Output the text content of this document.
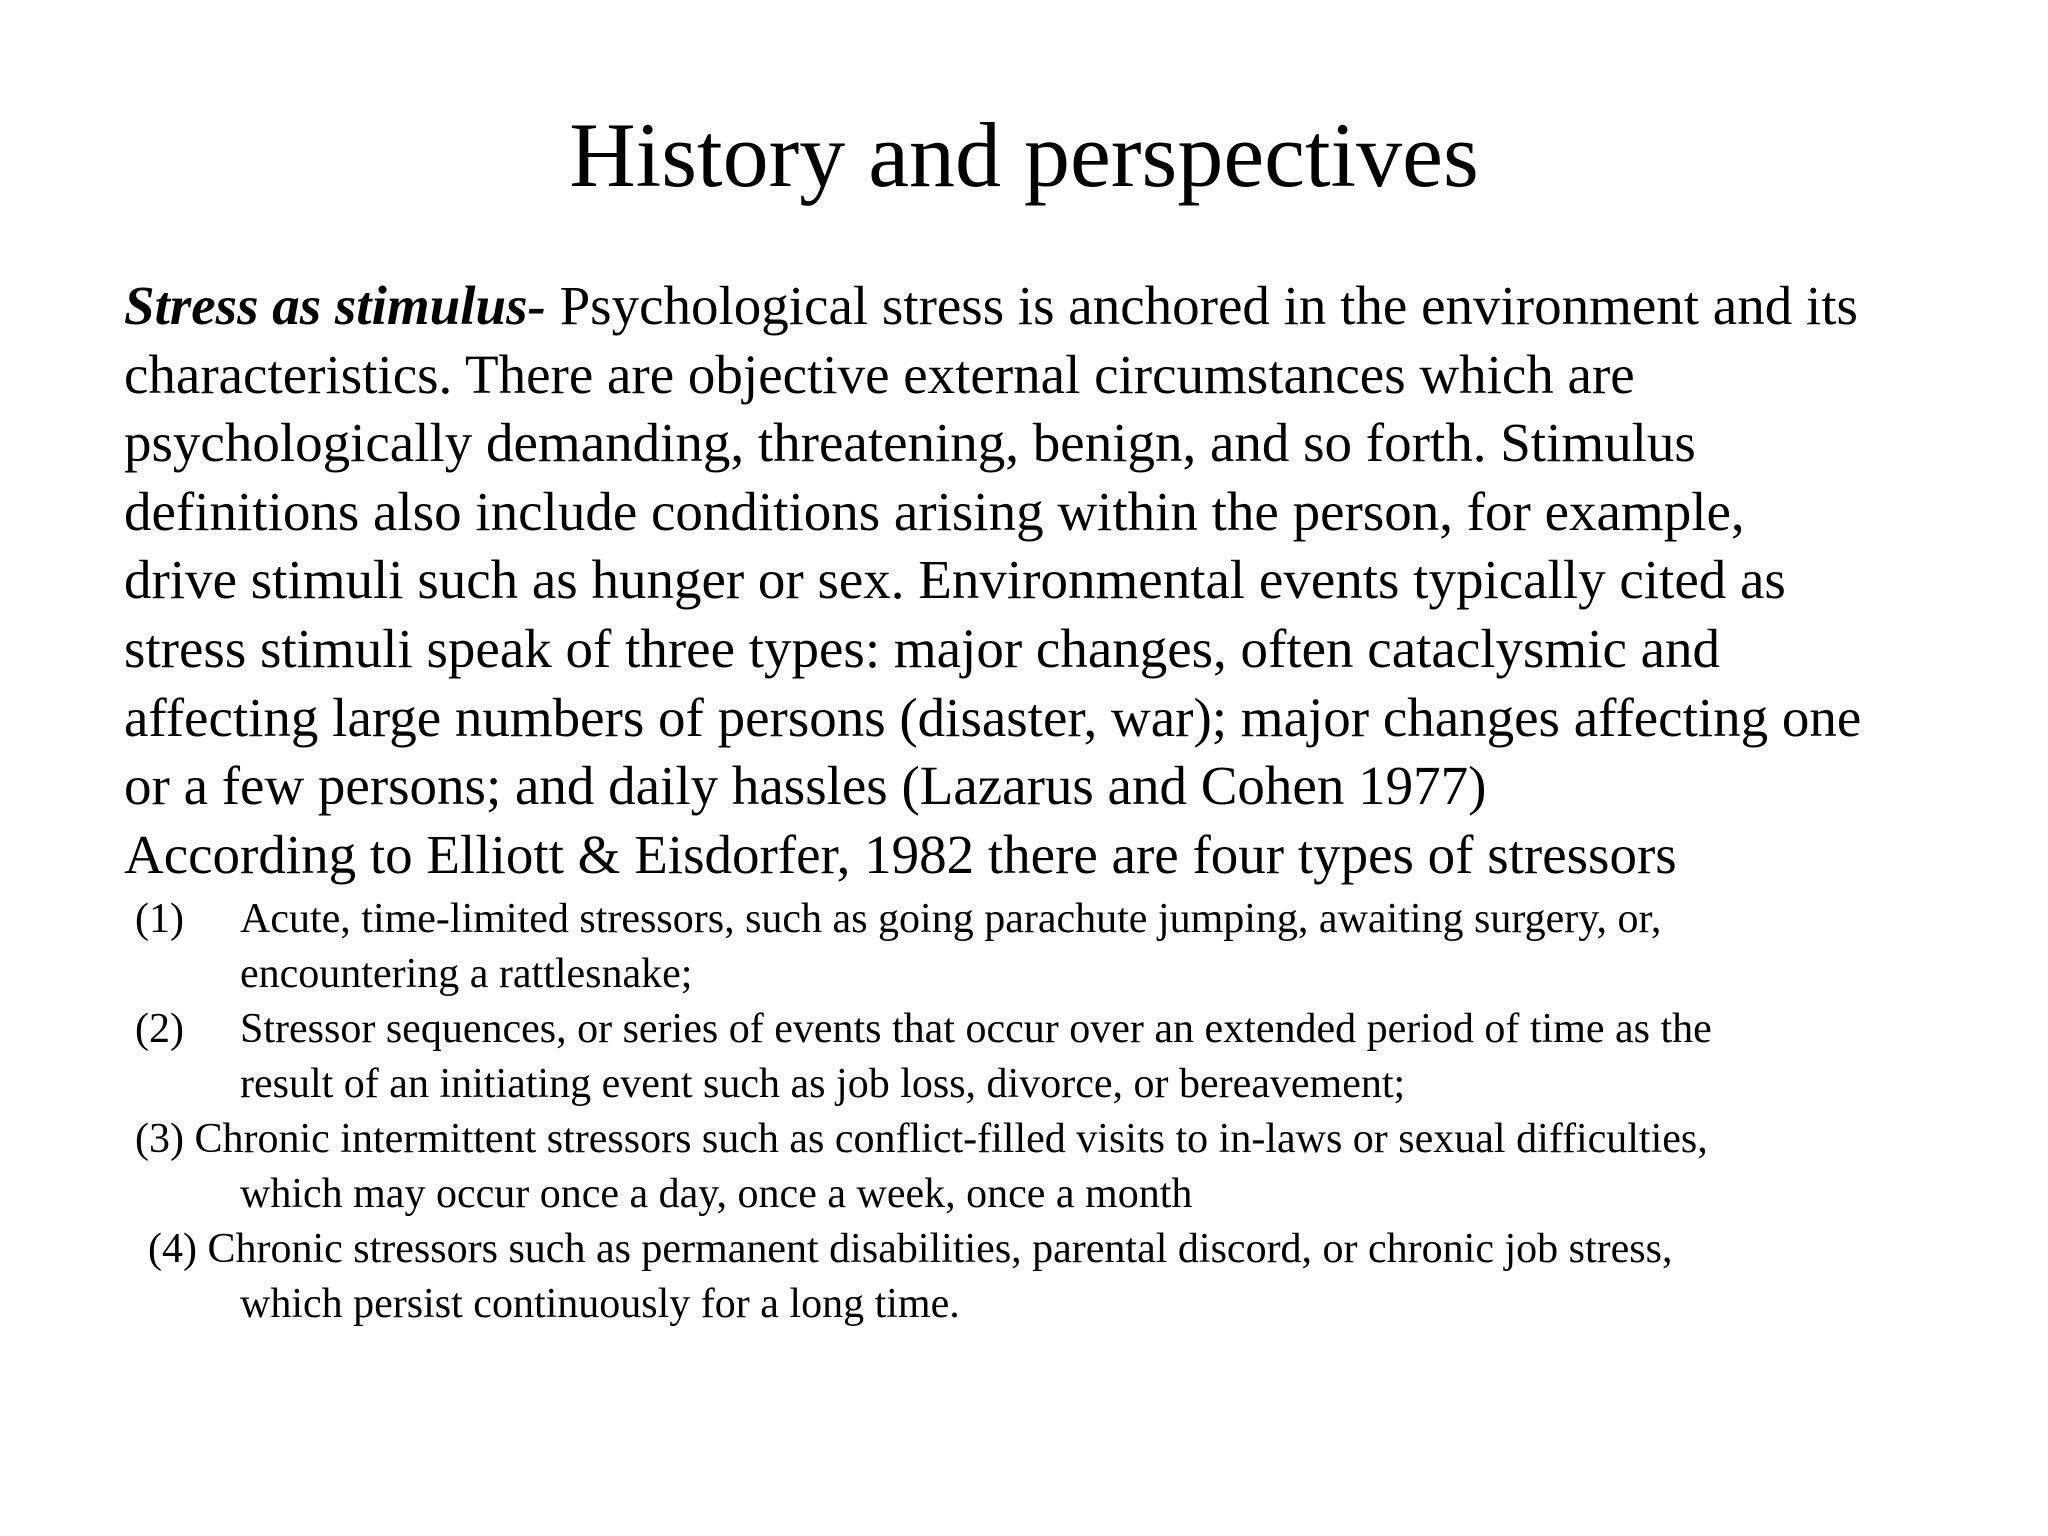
History and perspectives
Stress as stimulus- Psychological stress is anchored in the environment and its
characteristics. There are objective external circumstances which are
psychologically demanding, threatening, benign, and so forth. Stimulus
definitions also include conditions arising within the person, for example,
drive stimuli such as hunger or sex. Environmental events typically cited as
stress stimuli speak of three types: major changes, often cataclysmic and
affecting large numbers of persons (disaster, war); major changes affecting one
or a few persons; and daily hassles (Lazarus and Cohen 1977)
According to Elliott & Eisdorfer, 1982 there are four types of stressors
(1) Acute, time-limited stressors, such as going parachute jumping, awaiting surgery, or,
encountering a rattlesnake;
(2) Stressor sequences, or series of events that occur over an extended period of time as the
result of an initiating event such as job loss, divorce, or bereavement;
(3) Chronic intermittent stressors such as conflict-filled visits to in-laws or sexual difficulties,
which may occur once a day, once a week, once a month
(4) Chronic stressors such as permanent disabilities, parental discord, or chronic job stress,
which persist continuously for a long time.
